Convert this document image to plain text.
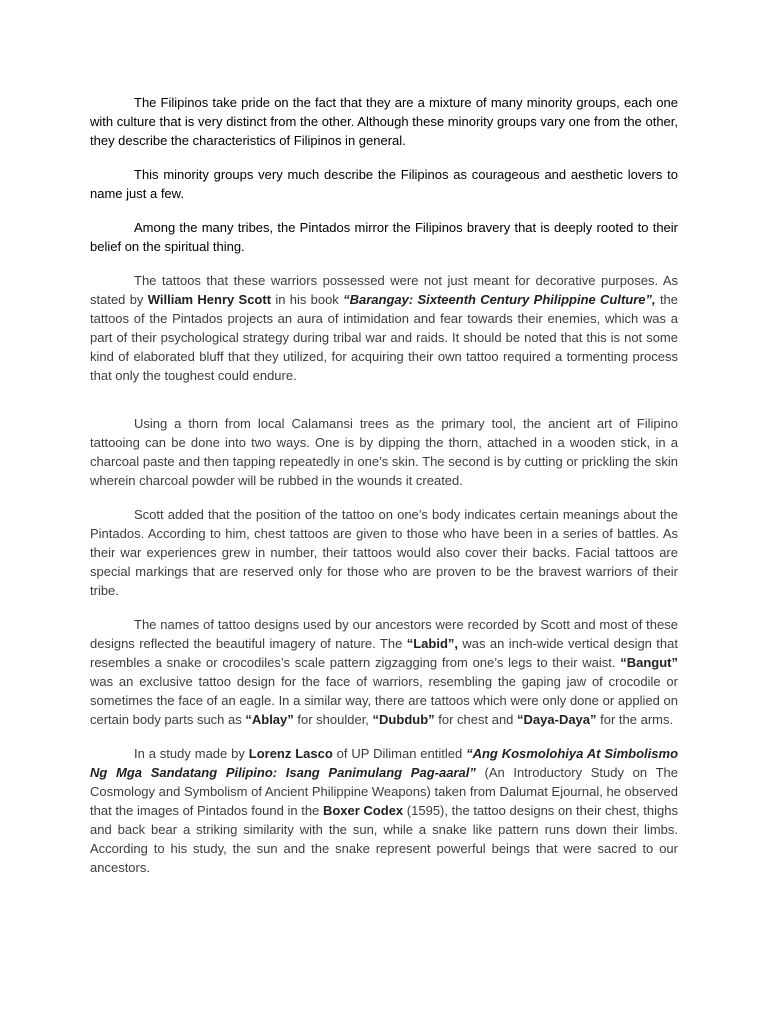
The Filipinos take pride on the fact that they are a mixture of many minority groups, each one with culture that is very distinct from the other. Although these minority groups vary one from the other, they describe the characteristics of Filipinos in general.

This minority groups very much describe the Filipinos as courageous and aesthetic lovers to name just a few.

Among the many tribes, the Pintados mirror the Filipinos bravery that is deeply rooted to their belief on the spiritual thing.

The tattoos that these warriors possessed were not just meant for decorative purposes. As stated by William Henry Scott in his book “Barangay: Sixteenth Century Philippine Culture”, the tattoos of the Pintados projects an aura of intimidation and fear towards their enemies, which was a part of their psychological strategy during tribal war and raids. It should be noted that this is not some kind of elaborated bluff that they utilized, for acquiring their own tattoo required a tormenting process that only the toughest could endure.

Using a thorn from local Calamansi trees as the primary tool, the ancient art of Filipino tattooing can be done into two ways. One is by dipping the thorn, attached in a wooden stick, in a charcoal paste and then tapping repeatedly in one’s skin. The second is by cutting or prickling the skin wherein charcoal powder will be rubbed in the wounds it created.

Scott added that the position of the tattoo on one’s body indicates certain meanings about the Pintados. According to him, chest tattoos are given to those who have been in a series of battles. As their war experiences grew in number, their tattoos would also cover their backs. Facial tattoos are special markings that are reserved only for those who are proven to be the bravest warriors of their tribe.

The names of tattoo designs used by our ancestors were recorded by Scott and most of these designs reflected the beautiful imagery of nature. The “Labid”, was an inch-wide vertical design that resembles a snake or crocodiles’s scale pattern zigzagging from one’s legs to their waist. “Bangut” was an exclusive tattoo design for the face of warriors, resembling the gaping jaw of crocodile or sometimes the face of an eagle. In a similar way, there are tattoos which were only done or applied on certain body parts such as “Ablay” for shoulder, “Dubdub” for chest and “Daya-Daya” for the arms.

In a study made by Lorenz Lasco of UP Diliman entitled “Ang Kosmolohiya At Simbolismo Ng Mga Sandatang Pilipino: Isang Panimulang Pag-aaral” (An Introductory Study on The Cosmology and Symbolism of Ancient Philippine Weapons) taken from Dalumat Ejournal, he observed that the images of Pintados found in the Boxer Codex (1595), the tattoo designs on their chest, thighs and back bear a striking similarity with the sun, while a snake like pattern runs down their limbs. According to his study, the sun and the snake represent powerful beings that were sacred to our ancestors.
